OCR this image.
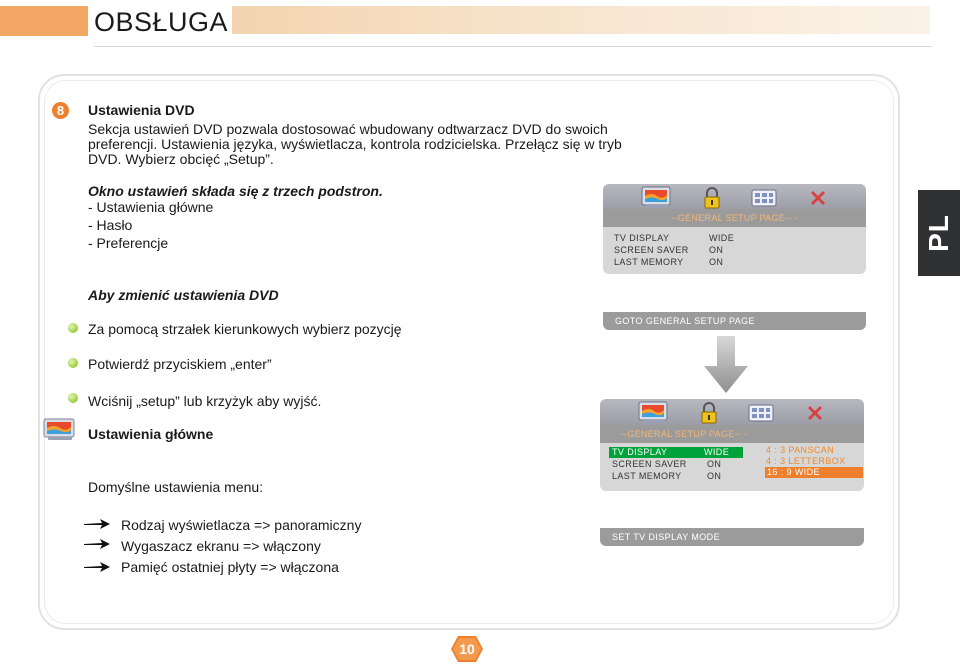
OBSŁUGA
PL
8	Ustawienia DVD
Sekcja ustawień DVD pozwala dostosować wbudowany odtwarzacz DVD do swoich
preferencji. Ustawienia języka, wyświetlacza, kontrola rodzicielska. Przełącz się w tryb
DVD. Wybierz obcięć „Setup”.
Okno ustawień składa się z trzech podstron.
- Ustawienia główne
- Hasło
- Preferencje
Aby zmienić ustawienia DVD
Za pomocą strzałek kierunkowych wybierz pozycję
Potwierdź przyciskiem „enter”
Wciśnij „setup” lub krzyżyk aby wyjść.
Ustawienia główne
Domyślne ustawienia menu:
Rodzaj wyświetlacza => panoramiczny
Wygaszacz ekranu => włączony
Pamięć ostatniej płyty => włączona
--GENERAL SETUP PAGE-- -
TV DISPLAY	WIDE
SCREEN SAVER ON
LAST MEMORY	ON
GOTO GENERAL SETUP PAGE
--GENERAL SETUP PAGE-- -
TV DISPLAY	WIDE
SCREEN SAVER ON
LAST MEMORY	ON
4 : 3 PANSCAN
4 : 3 LETTERBOX
16 : 9 WIDE
SET TV DISPLAY MODE
10
